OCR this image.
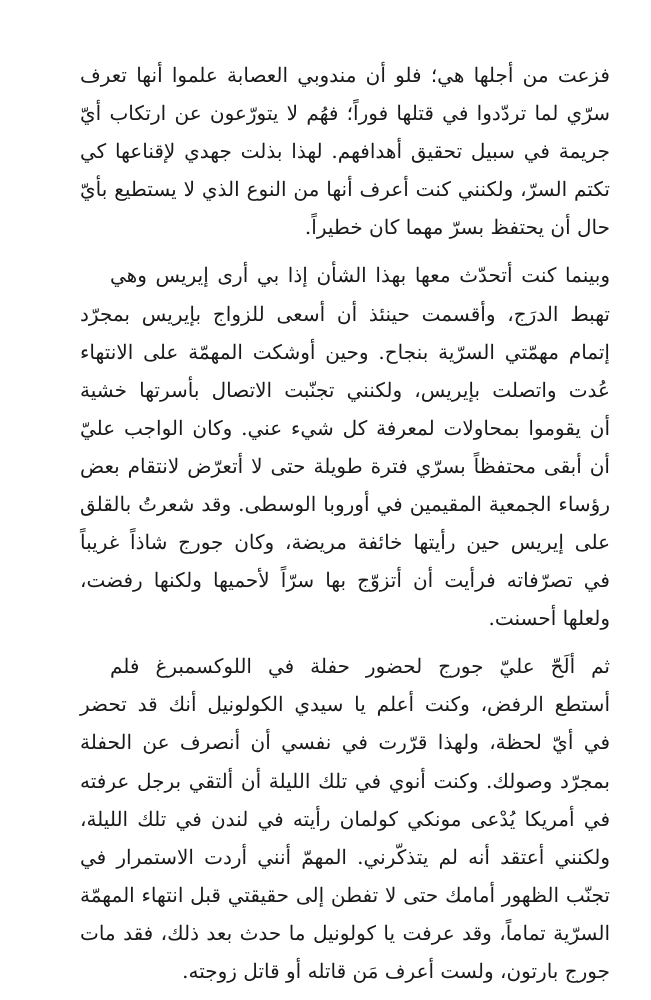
فزعت من أجلها هي؛ فلو أن مندوبي العصابة علموا أنها تعرف
سرّي لما تردّدوا في قتلها فوراً؛ فهُم لا يتورّعون عن ارتكاب أيّ
جريمة في سبيل تحقيق أهدافهم. لهذا بذلت جهدي لإقناعها كي
تكتم السرّ، ولكنني كنت أعرف أنها من النوع الذي لا يستطيع بأيّ
حال أن يحتفظ بسرّ مهما كان خطيراً.
وبينما كنت أتحدّث معها بهذا الشأن إذا بي أرى إيريس وهي
تهبط الدرَج، وأقسمت حينئذ أن أسعى للزواج بإيريس بمجرّد
إتمام مهمّتي السرّية بنجاح. وحين أوشكت المهمّة على الانتهاء
عُدت واتصلت بإيريس، ولكنني تجنّبت الاتصال بأسرتها خشية
أن يقوموا بمحاولات لمعرفة كل شيء عني. وكان الواجب عليّ
أن أبقى محتفظاً بسرّي فترة طويلة حتى لا أتعرّض لانتقام بعض
رؤساء الجمعية المقيمين في أوروبا الوسطى. وقد شعرتُ بالقلق
على إيريس حين رأيتها خائفة مريضة، وكان جورج شاذاً غريباً
في تصرّفاته فرأيت أن أتزوّج بها سرّاً لأحميها ولكنها رفضت،
ولعلها أحسنت.
ثم ألَحّ عليّ جورج لحضور حفلة في اللوكسمبرغ فلم
أستطع الرفض، وكنت أعلم يا سيدي الكولونيل أنك قد تحضر
في أيّ لحظة، ولهذا قرّرت في نفسي أن أنصرف عن الحفلة
بمجرّد وصولك. وكنت أنوي في تلك الليلة أن ألتقي برجل عرفته
في أمريكا يُدْعى مونكي كولمان رأيته في لندن في تلك الليلة،
ولكنني أعتقد أنه لم يتذكّرني. المهمّ أنني أردت الاستمرار في
تجنّب الظهور أمامك حتى لا تفطن إلى حقيقتي قبل انتهاء المهمّة
السرّية تماماً، وقد عرفت يا كولونيل ما حدث بعد ذلك، فقد مات
جورج بارتون، ولست أعرف مَن قاتله أو قاتل زوجته.
